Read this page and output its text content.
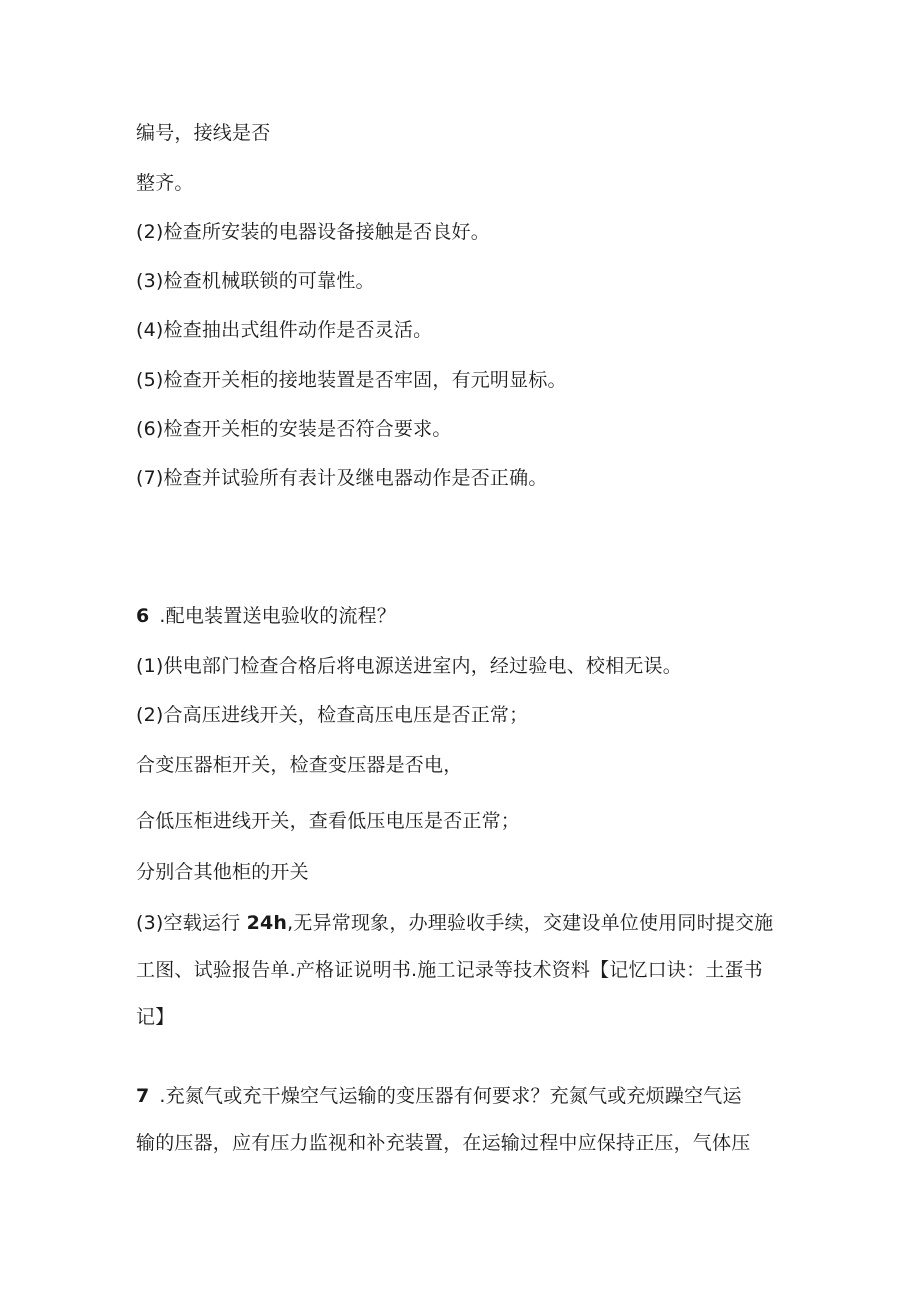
编号，接线是否
整齐。
(2)检查所安装的电器设备接触是否良好。
(3)检查机械联锁的可靠性。
(4)检查抽出式组件动作是否灵活。
(5)检查开关柜的接地装置是否牢固，有元明显标。
(6)检查开关柜的安装是否符合要求。
(7)检查并试验所有表计及继电器动作是否正确。
6 .配电装置送电验收的流程？
(1)供电部门检查合格后将电源送进室内，经过验电、校相无误。
(2)合高压进线开关，检查高压电压是否正常；
合变压器柜开关，检查变压器是否电，
合低压柜进线开关，查看低压电压是否正常；
分别合其他柜的开关
(3)空载运行 24h,无异常现象，办理验收手续，交建设单位使用同时提交施
工图、试验报告单.产格证说明书.施工记录等技术资料【记忆口诀：土蛋书
记】
7 .充氮气或充干燥空气运输的变压器有何要求？充氮气或充烦躁空气运
输的压器，应有压力监视和补充装置，在运输过程中应保持正压，气体压
